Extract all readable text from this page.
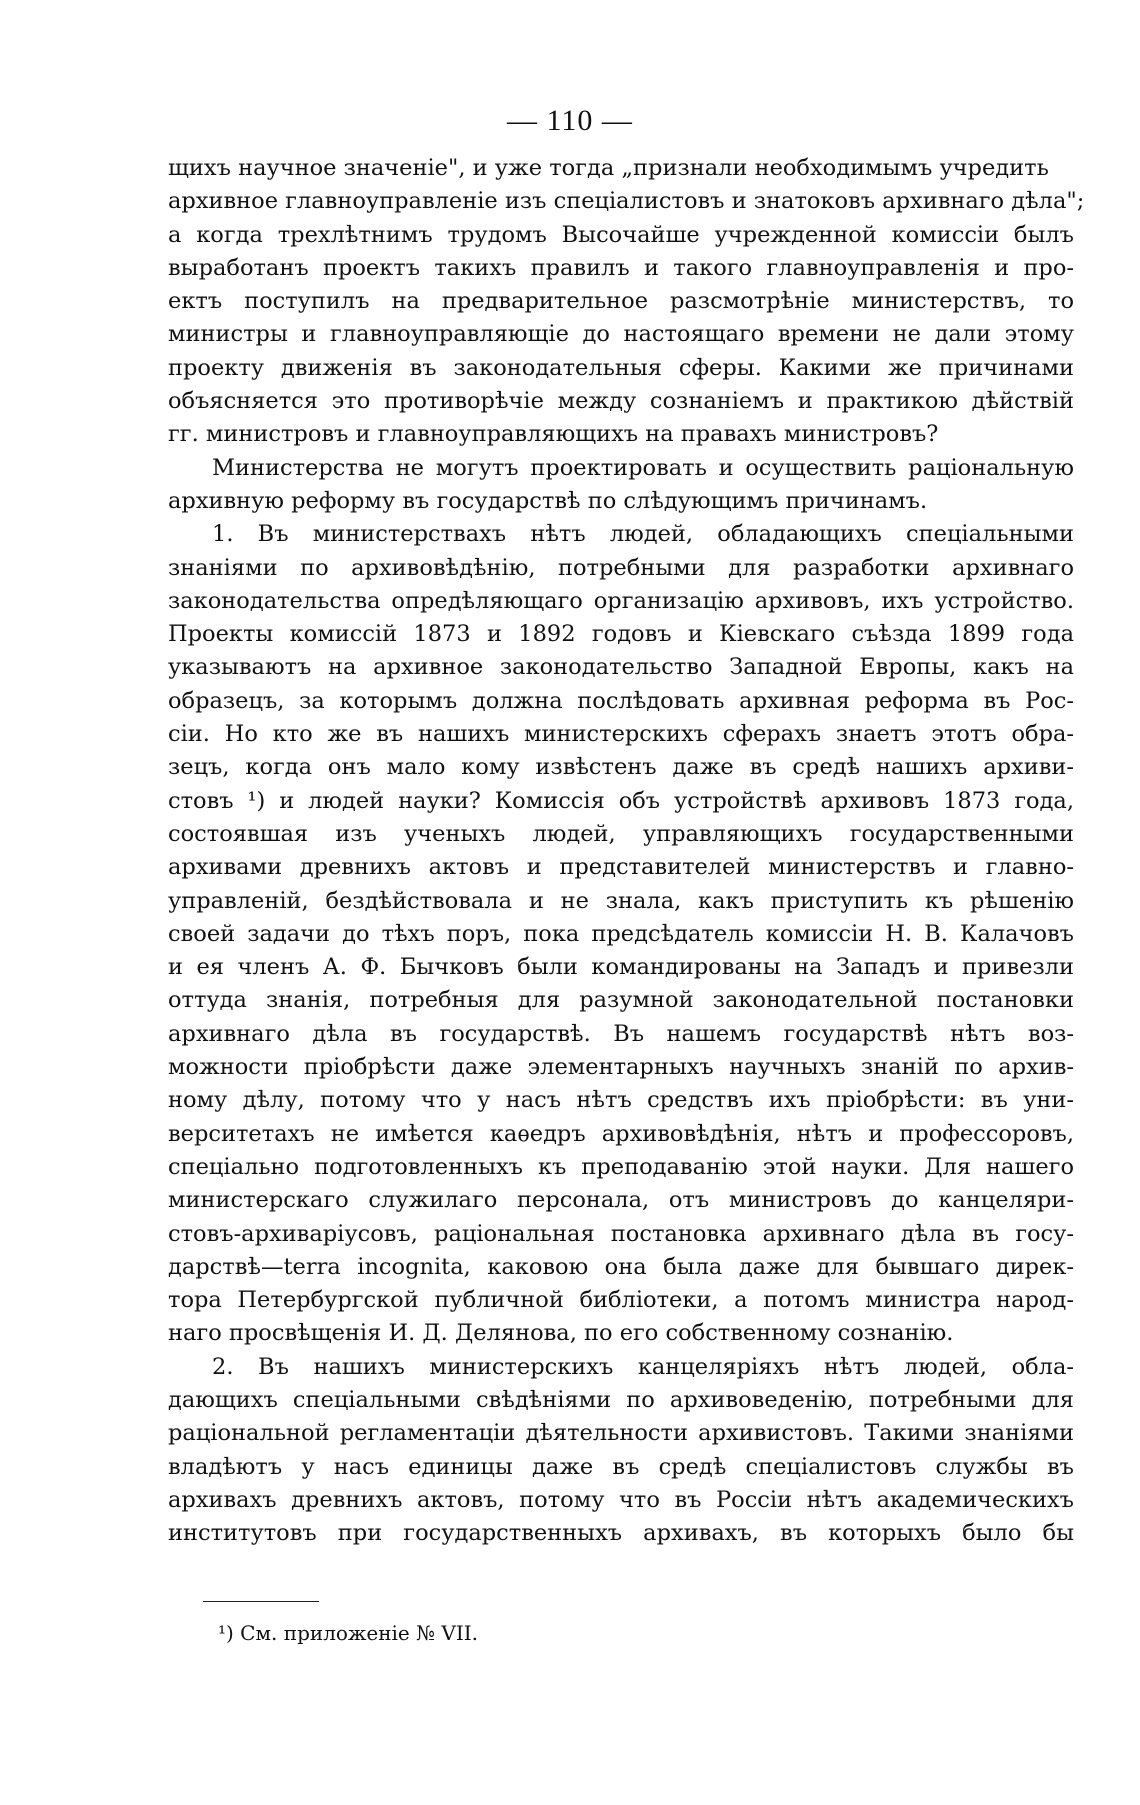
— 110 —
щихъ научное значеніе", и уже тогда „признали необходимымъ учредить
архивное главноуправленіе изъ спеціалистовъ и знатоковъ архивнаго дѣла";
а когда трехлѣтнимъ трудомъ Высочайше учрежденной комиссіи былъ
выработанъ проектъ такихъ правилъ и такого главноуправленія и про-
ектъ поступилъ на предварительное разсмотрѣніе министерствъ, то
министры и главноуправляющіе до настоящаго времени не дали этому
проекту движенія въ законодательныя сферы. Какими же причинами
объясняется это противорѣчіе между сознаніемъ и практикою дѣйствій
гг. министровъ и главноуправляющихъ на правахъ министровъ?
Министерства не могутъ проектировать и осуществить раціональную
архивную реформу въ государствѣ по слѣдующимъ причинамъ.
1. Въ министерствахъ нѣтъ людей, обладающихъ спеціальными
знаніями по архивовѣдѣнію, потребными для разработки архивнаго
законодательства опредѣляющаго организацію архивовъ, ихъ устройство.
Проекты комиссій 1873 и 1892 годовъ и Кіевскаго съѣзда 1899 года
указываютъ на архивное законодательство Западной Европы, какъ на
образецъ, за которымъ должна послѣдовать архивная реформа въ Рос-
сіи. Но кто же въ нашихъ министерскихъ сферахъ знаетъ этотъ обра-
зецъ, когда онъ мало кому извѣстенъ даже въ средѣ нашихъ архиви-
стовъ ¹) и людей науки? Комиссія объ устройствѣ архивовъ 1873 года,
состоявшая изъ ученыхъ людей, управляющихъ государственными
архивами древнихъ актовъ и представителей министерствъ и главно-
управленій, бездѣйствовала и не знала, какъ приступить къ рѣшенію
своей задачи до тѣхъ поръ, пока предсѣдатель комиссіи Н. В. Калачовъ
и ея членъ А. Ф. Бычковъ были командированы на Западъ и привезли
оттуда знанія, потребныя для разумной законодательной постановки
архивнаго дѣла въ государствѣ. Въ нашемъ государствѣ нѣтъ воз-
можности пріобрѣсти даже элементарныхъ научныхъ знаній по архив-
ному дѣлу, потому что у насъ нѣтъ средствъ ихъ пріобрѣсти: въ уни-
верситетахъ не имѣется каѳедръ архивовѣдѣнія, нѣтъ и профессоровъ,
спеціально подготовленныхъ къ преподаванію этой науки. Для нашего
министерскаго служилаго персонала, отъ министровъ до канцеляри-
стовъ-архиваріусовъ, раціональная постановка архивнаго дѣла въ госу-
дарствѣ—terra incognita, каковою она была даже для бывшаго дирек-
тора Петербургской публичной библіотеки, а потомъ министра народ-
наго просвѣщенія И. Д. Делянова, по его собственному сознанію.
2. Въ нашихъ министерскихъ канцеляріяхъ нѣтъ людей, обла-
дающихъ спеціальными свѣдѣніями по архивоведенію, потребными для
раціональной регламентаціи дѣятельности архивистовъ. Такими знаніями
владѣютъ у насъ единицы даже въ средѣ спеціалистовъ службы въ
архивахъ древнихъ актовъ, потому что въ Россіи нѣтъ академическихъ
институтовъ при государственныхъ архивахъ, въ которыхъ было бы
¹) См. приложеніе № VII.
